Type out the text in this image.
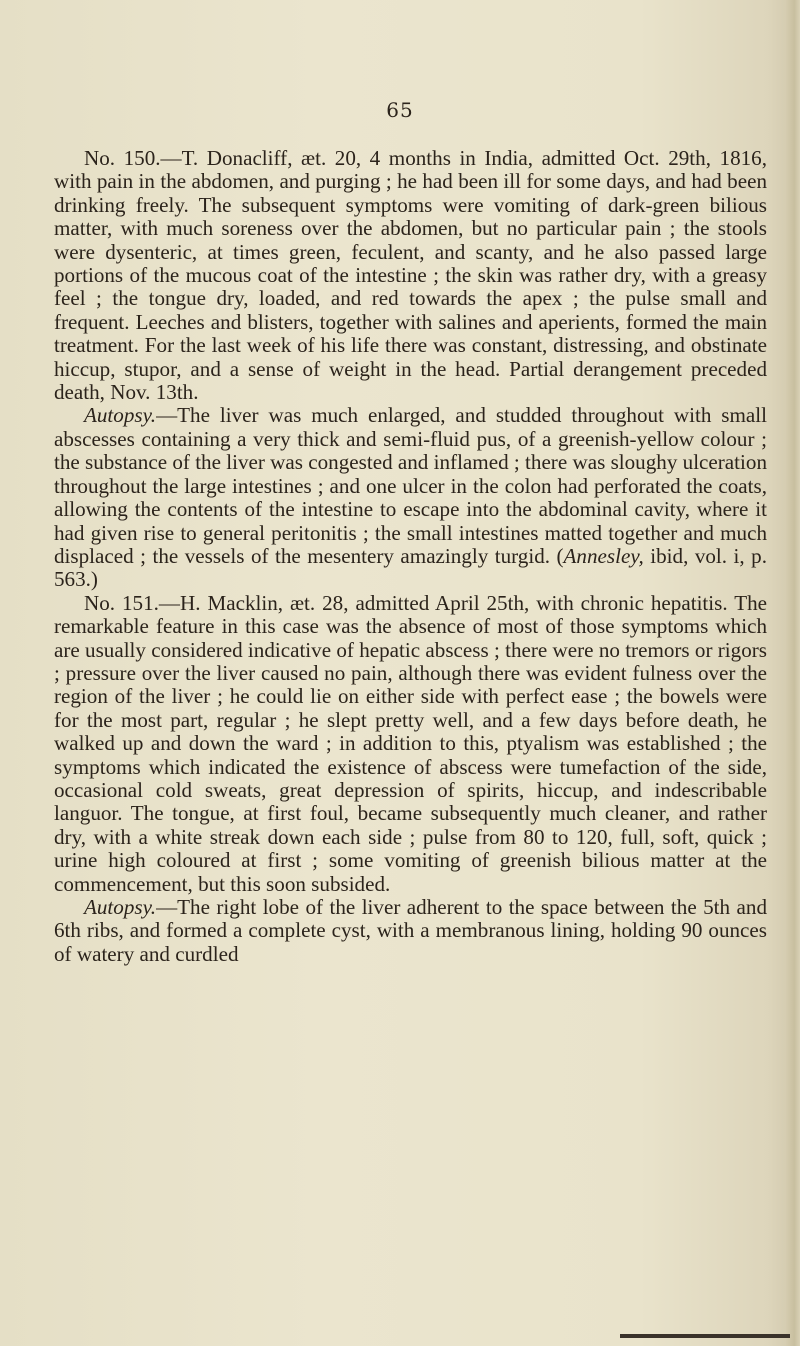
65

No. 150.—T. Donacliff, æt. 20, 4 months in India, admitted Oct. 29th, 1816, with pain in the abdomen, and purging ; he had been ill for some days, and had been drinking freely. The subsequent symptoms were vomiting of dark-green bilious matter, with much soreness over the abdomen, but no particular pain ; the stools were dysenteric, at times green, feculent, and scanty, and he also passed large portions of the mucous coat of the intestine ; the skin was rather dry, with a greasy feel ; the tongue dry, loaded, and red towards the apex ; the pulse small and frequent. Leeches and blisters, together with salines and aperients, formed the main treatment. For the last week of his life there was constant, distressing, and obstinate hiccup, stupor, and a sense of weight in the head. Partial derangement preceded death, Nov. 13th.

Autopsy.—The liver was much enlarged, and studded throughout with small abscesses containing a very thick and semi-fluid pus, of a greenish-yellow colour ; the substance of the liver was congested and inflamed ; there was sloughy ulceration throughout the large intestines ; and one ulcer in the colon had perforated the coats, allowing the contents of the intestine to escape into the abdominal cavity, where it had given rise to general peritonitis ; the small intestines matted together and much displaced ; the vessels of the mesentery amazingly turgid. (Annesley, ibid, vol. i, p. 563.)

No. 151.—H. Macklin, æt. 28, admitted April 25th, with chronic hepatitis. The remarkable feature in this case was the absence of most of those symptoms which are usually considered indicative of hepatic abscess ; there were no tremors or rigors ; pressure over the liver caused no pain, although there was evident fulness over the region of the liver ; he could lie on either side with perfect ease ; the bowels were for the most part, regular ; he slept pretty well, and a few days before death, he walked up and down the ward ; in addition to this, ptyalism was established ; the symptoms which indicated the existence of abscess were tumefaction of the side, occasional cold sweats, great depression of spirits, hiccup, and indescribable languor. The tongue, at first foul, became subsequently much cleaner, and rather dry, with a white streak down each side ; pulse from 80 to 120, full, soft, quick ; urine high coloured at first ; some vomiting of greenish bilious matter at the commencement, but this soon subsided.

Autopsy.—The right lobe of the liver adherent to the space between the 5th and 6th ribs, and formed a complete cyst, with a membranous lining, holding 90 ounces of watery and curdled
